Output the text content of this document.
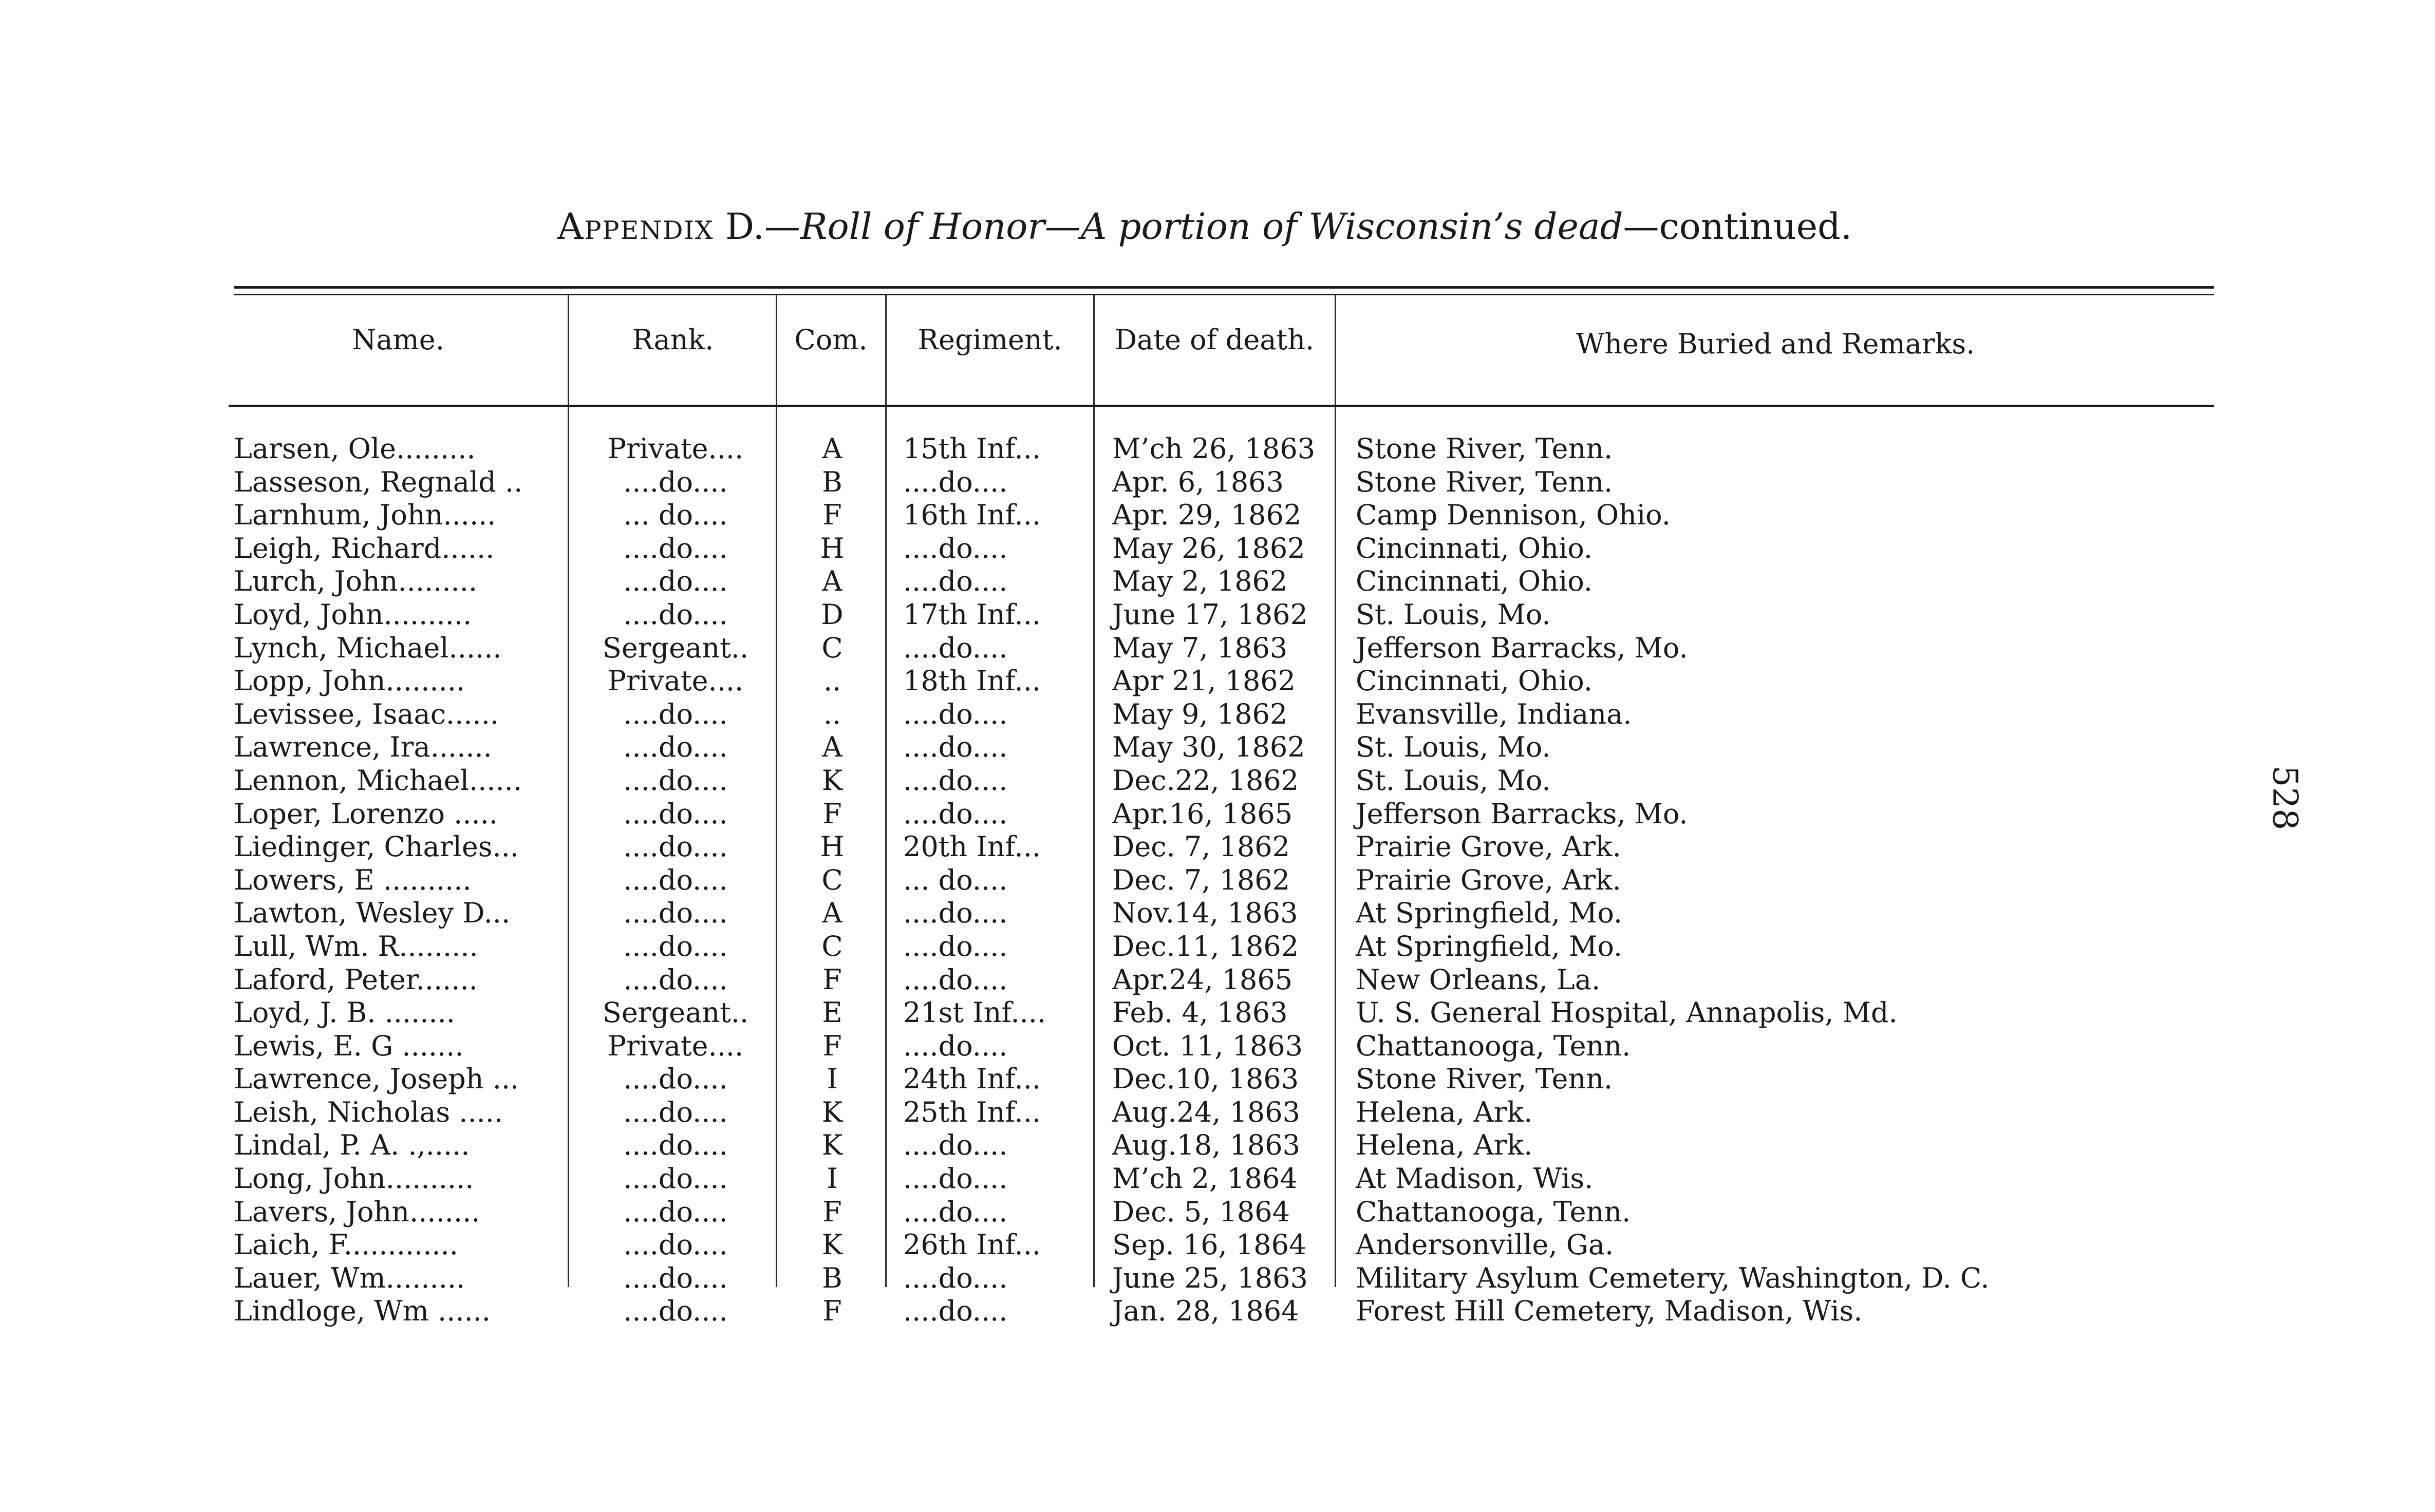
Appendix D.—Roll of Honor—A portion of Wisconsin’s dead—continued.
Name.	Rank.	Com.	Regiment.	Date of death.	Where Buried and Remarks.
Larsen, Ole.........	Private....	A	15th Inf...	M’ch 26, 1863	Stone River, Tenn.
Lasseson, Regnald ..	....do....	B	....do....	Apr. 6, 1863	Stone River, Tenn.
Larnhum, John......	... do....	F	16th Inf...	Apr. 29, 1862	Camp Dennison, Ohio.
Leigh, Richard......	....do....	H	....do....	May 26, 1862	Cincinnati, Ohio.
Lurch, John.........	....do....	A	....do....	May 2, 1862	Cincinnati, Ohio.
Loyd, John..........	....do....	D	17th Inf...	June 17, 1862	St. Louis, Mo.
Lynch, Michael......	Sergeant..	C	....do....	May 7, 1863	Jefferson Barracks, Mo.
Lopp, John.........	Private....	..	18th Inf...	Apr 21, 1862	Cincinnati, Ohio.
Levissee, Isaac......	....do....	..	....do....	May 9, 1862	Evansville, Indiana.
Lawrence, Ira.......	....do....	A	....do....	May 30, 1862	St. Louis, Mo.
Lennon, Michael......	....do....	K	....do....	Dec.22, 1862	St. Louis, Mo.
Loper, Lorenzo .....	....do....	F	....do....	Apr.16, 1865	Jefferson Barracks, Mo.
Liedinger, Charles...	....do....	H	20th Inf...	Dec. 7, 1862	Prairie Grove, Ark.
Lowers, E ..........	....do....	C	... do....	Dec. 7, 1862	Prairie Grove, Ark.
Lawton, Wesley D...	....do....	A	....do....	Nov.14, 1863	At Springfield, Mo.
Lull, Wm. R.........	....do....	C	....do....	Dec.11, 1862	At Springfield, Mo.
Laford, Peter.......	....do....	F	....do....	Apr.24, 1865	New Orleans, La.
Loyd, J. B. ........	Sergeant..	E	21st Inf....	Feb. 4, 1863	U. S. General Hospital, Annapolis, Md.
Lewis, E. G .......	Private....	F	....do....	Oct. 11, 1863	Chattanooga, Tenn.
Lawrence, Joseph ...	....do....	I	24th Inf...	Dec.10, 1863	Stone River, Tenn.
Leish, Nicholas .....	....do....	K	25th Inf...	Aug.24, 1863	Helena, Ark.
Lindal, P. A. .,.....	....do....	K	....do....	Aug.18, 1863	Helena, Ark.
Long, John..........	....do....	I	....do....	M’ch 2, 1864	At Madison, Wis.
Lavers, John........	....do....	F	....do....	Dec. 5, 1864	Chattanooga, Tenn.
Laich, F.............	....do....	K	26th Inf...	Sep. 16, 1864	Andersonville, Ga.
Lauer, Wm.........	....do....	B	....do....	June 25, 1863	Military Asylum Cemetery, Washington, D. C.
Lindloge, Wm ......	....do....	F	....do....	Jan. 28, 1864	Forest Hill Cemetery, Madison, Wis.
528
